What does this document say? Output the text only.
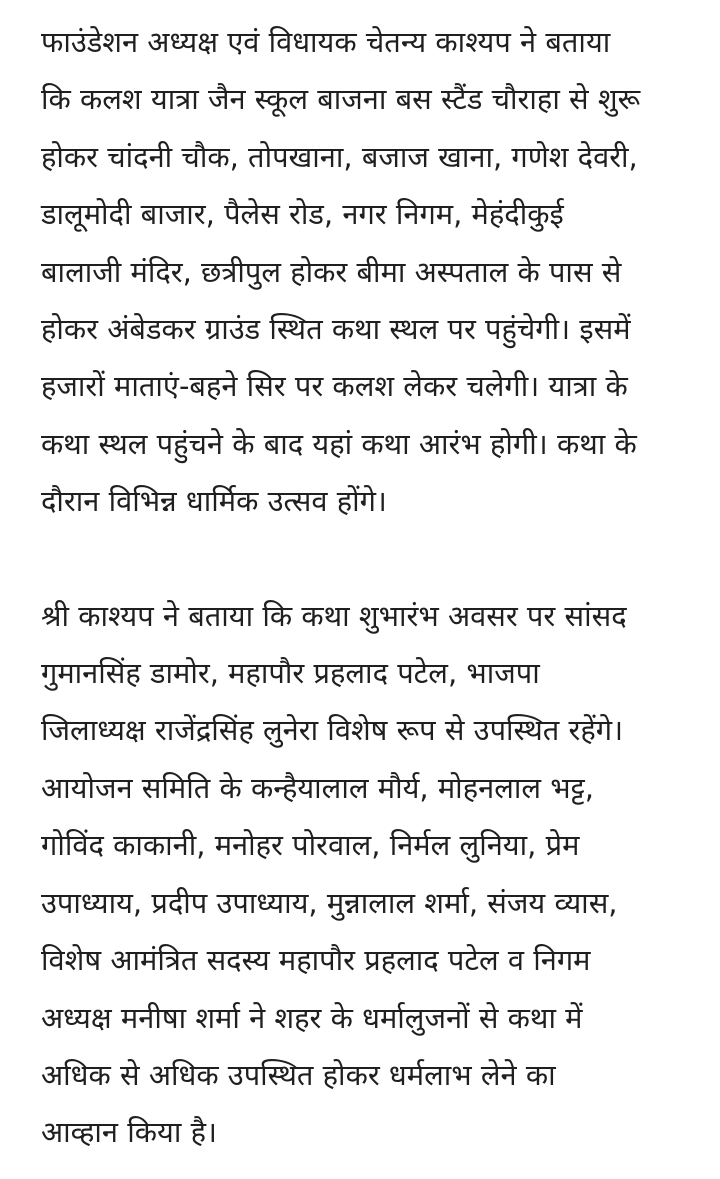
फाउंडेशन अध्यक्ष एवं विधायक चेतन्य काश्यप ने बताया
कि कलश यात्रा जैन स्कूल बाजना बस स्टैंड चौराहा से शुरू
होकर चांदनी चौक, तोपखाना, बजाज खाना, गणेश देवरी,
डालूमोदी बाजार, पैलेस रोड, नगर निगम, मेहंदीकुई
बालाजी मंदिर, छत्रीपुल होकर बीमा अस्पताल के पास से
होकर अंबेडकर ग्राउंड स्थित कथा स्थल पर पहुंचेगी। इसमें
हजारों माताएं-बहने सिर पर कलश लेकर चलेगी। यात्रा के
कथा स्थल पहुंचने के बाद यहां कथा आरंभ होगी। कथा के
दौरान विभिन्न धार्मिक उत्सव होंगे।

श्री काश्यप ने बताया कि कथा शुभारंभ अवसर पर सांसद
गुमानसिंह डामोर, महापौर प्रहलाद पटेल, भाजपा
जिलाध्यक्ष राजेंद्रसिंह लुनेरा विशेष रूप से उपस्थित रहेंगे।
आयोजन समिति के कन्हैयालाल मौर्य, मोहनलाल भट्ट,
गोविंद काकानी, मनोहर पोरवाल, निर्मल लुनिया, प्रेम
उपाध्याय, प्रदीप उपाध्याय, मुन्नालाल शर्मा, संजय व्यास,
विशेष आमंत्रित सदस्य महापौर प्रहलाद पटेल व निगम
अध्यक्ष मनीषा शर्मा ने शहर के धर्मालुजनों से कथा में
अधिक से अधिक उपस्थित होकर धर्मलाभ लेने का
आव्हान किया है।
